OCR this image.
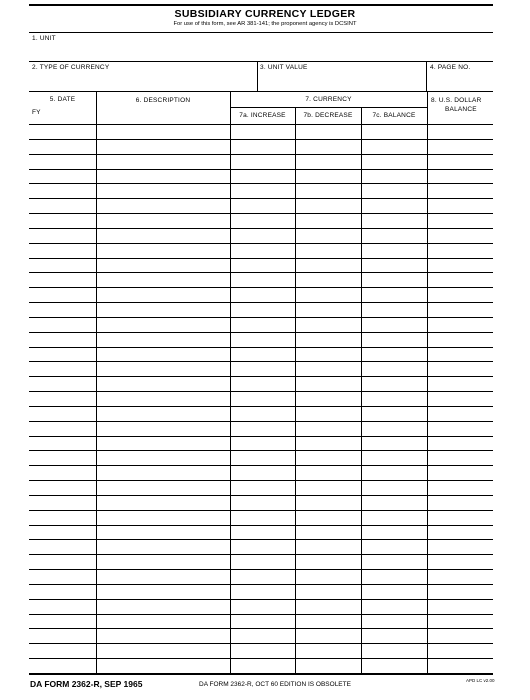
SUBSIDIARY CURRENCY LEDGER
For use of this form, see AR 381-141; the proponent agency is DCSINT
1. UNIT
2. TYPE OF CURRENCY	3. UNIT VALUE	4. PAGE NO.
5. DATE
FY
6. DESCRIPTION	7. CURRENCY
7a. INCREASE	7b. DECREASE	7c. BALANCE
8. U.S. DOLLAR
BALANCE
DA FORM 2362-R, SEP 1965	DA FORM 2362-R, OCT 60 EDITION IS OBSOLETE
APD LC v2.00
